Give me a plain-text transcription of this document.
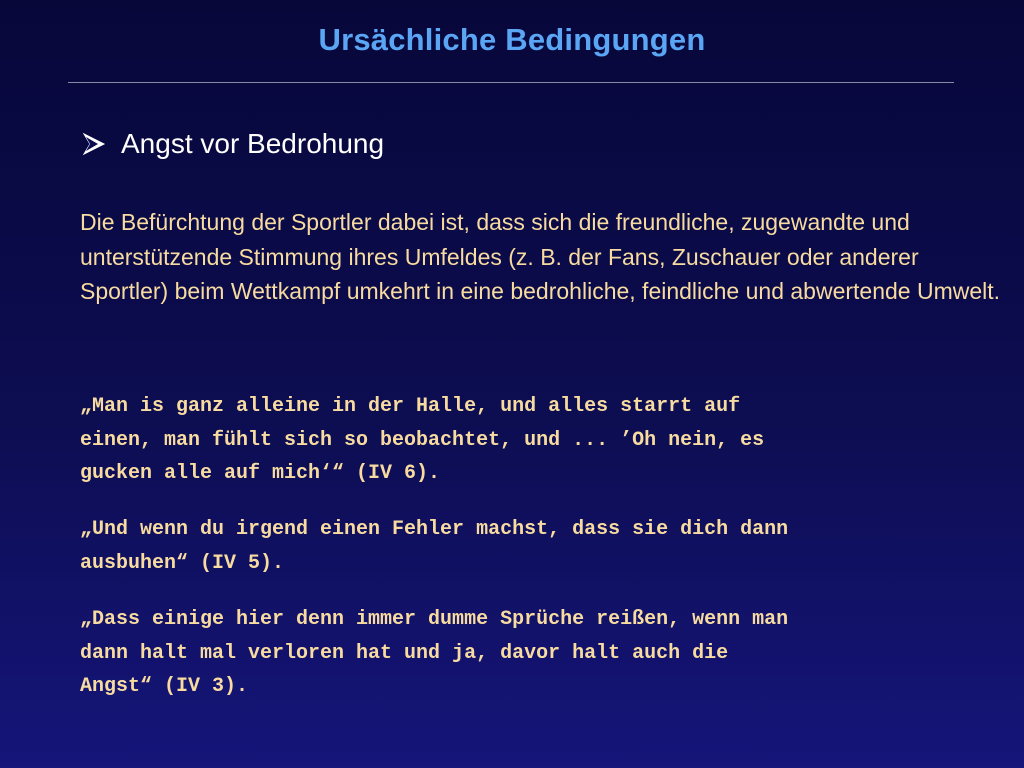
Ursächliche Bedingungen
Angst vor Bedrohung
Die Befürchtung der Sportler dabei ist, dass sich die freundliche, zugewandte und unterstützende Stimmung ihres Umfeldes (z. B. der Fans, Zuschauer oder anderer Sportler) beim Wettkampf umkehrt in eine bedrohliche, feindliche und abwertende Umwelt.
„Man is ganz alleine in der Halle, und alles starrt auf
einen, man fühlt sich so beobachtet, und ... ’Oh nein, es
gucken alle auf mich‘“ (IV 6).
„Und wenn du irgend einen Fehler machst, dass sie dich dann
ausbuhen“ (IV 5).
„Dass einige hier denn immer dumme Sprüche reißen, wenn man
dann halt mal verloren hat und ja, davor halt auch die
Angst“ (IV 3).
